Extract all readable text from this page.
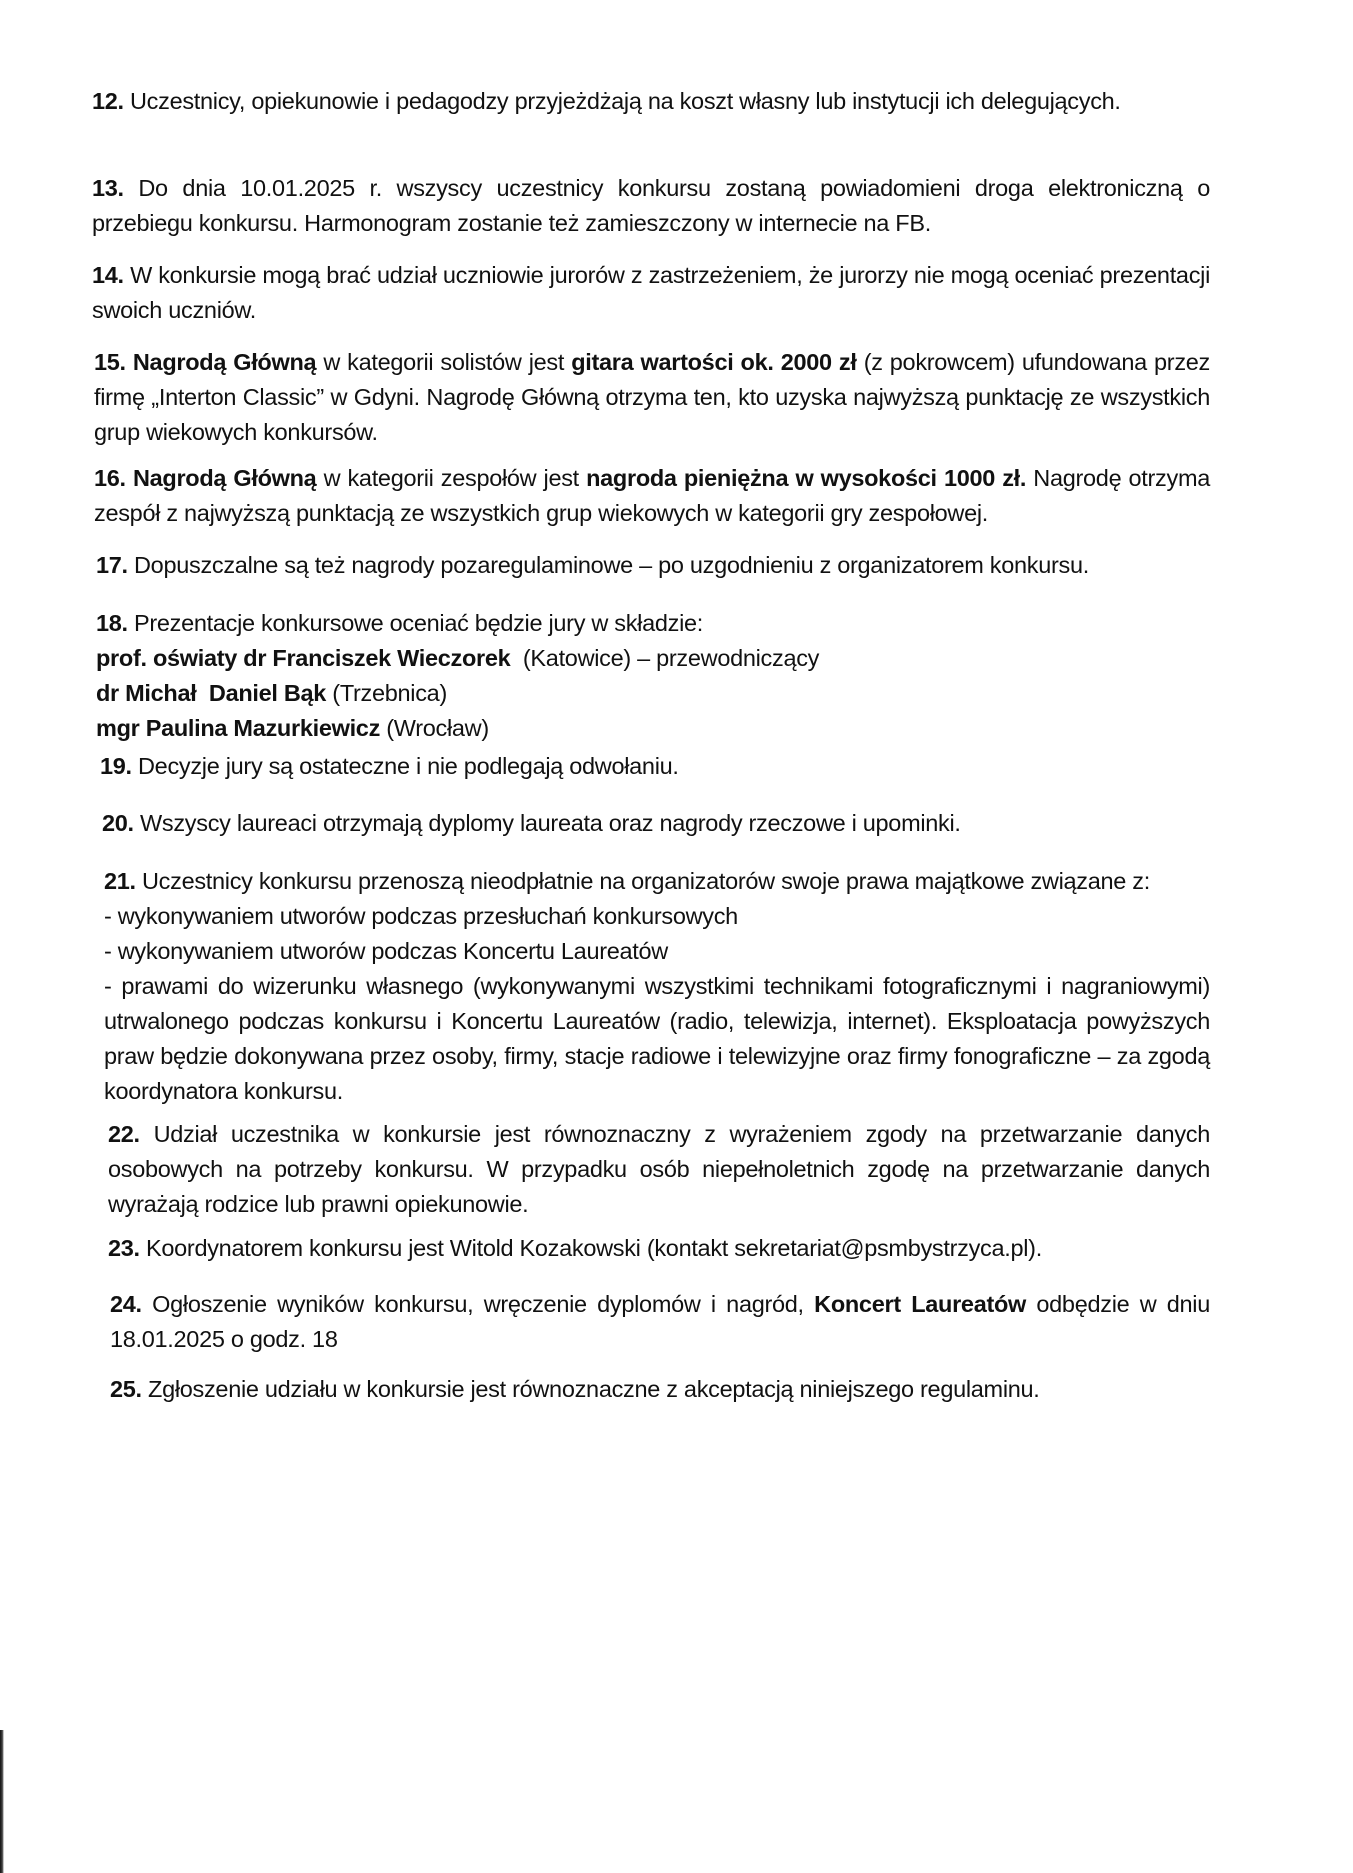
12. Uczestnicy, opiekunowie i pedagodzy przyjeżdżają na koszt własny lub instytucji ich delegujących.
13. Do dnia 10.01.2025 r. wszyscy uczestnicy konkursu zostaną powiadomieni droga elektroniczną o przebiegu konkursu. Harmonogram zostanie też zamieszczony w internecie na FB.
14. W konkursie mogą brać udział uczniowie jurorów z zastrzeżeniem, że jurorzy nie mogą oceniać prezentacji swoich uczniów.
15. Nagrodą Główną w kategorii solistów jest gitara wartości ok. 2000 zł (z pokrowcem) ufundowana przez firmę „Interton Classic” w Gdyni. Nagrodę Główną otrzyma ten, kto uzyska najwyższą punktację ze wszystkich grup wiekowych konkursów.
16. Nagrodą Główną w kategorii zespołów jest nagroda pieniężna w wysokości 1000 zł. Nagrodę otrzyma zespół z najwyższą punktacją ze wszystkich grup wiekowych w kategorii gry zespołowej.
17. Dopuszczalne są też nagrody pozaregulaminowe – po uzgodnieniu z organizatorem konkursu.
18. Prezentacje konkursowe oceniać będzie jury w składzie:
prof. oświaty dr Franciszek Wieczorek  (Katowice) – przewodniczący
dr Michał  Daniel Bąk (Trzebnica)
mgr Paulina Mazurkiewicz (Wrocław)
19. Decyzje jury są ostateczne i nie podlegają odwołaniu.
20. Wszyscy laureaci otrzymają dyplomy laureata oraz nagrody rzeczowe i upominki.
21. Uczestnicy konkursu przenoszą nieodpłatnie na organizatorów swoje prawa majątkowe związane z:
- wykonywaniem utworów podczas przesłuchań konkursowych
- wykonywaniem utworów podczas Koncertu Laureatów
- prawami do wizerunku własnego (wykonywanymi wszystkimi technikami fotograficznymi i nagraniowymi) utrwalonego podczas konkursu i Koncertu Laureatów (radio, telewizja, internet). Eksploatacja powyższych praw będzie dokonywana przez osoby, firmy, stacje radiowe i telewizyjne oraz firmy fonograficzne – za zgodą koordynatora konkursu.
22. Udział uczestnika w konkursie jest równoznaczny z wyrażeniem zgody na przetwarzanie danych osobowych na potrzeby konkursu. W przypadku osób niepełnoletnich zgodę na przetwarzanie danych wyrażają rodzice lub prawni opiekunowie.
23. Koordynatorem konkursu jest Witold Kozakowski (kontakt sekretariat@psmbystrzyca.pl).
24. Ogłoszenie wyników konkursu, wręczenie dyplomów i nagród, Koncert Laureatów odbędzie w dniu 18.01.2025 o godz. 18
25. Zgłoszenie udziału w konkursie jest równoznaczne z akceptacją niniejszego regulaminu.
